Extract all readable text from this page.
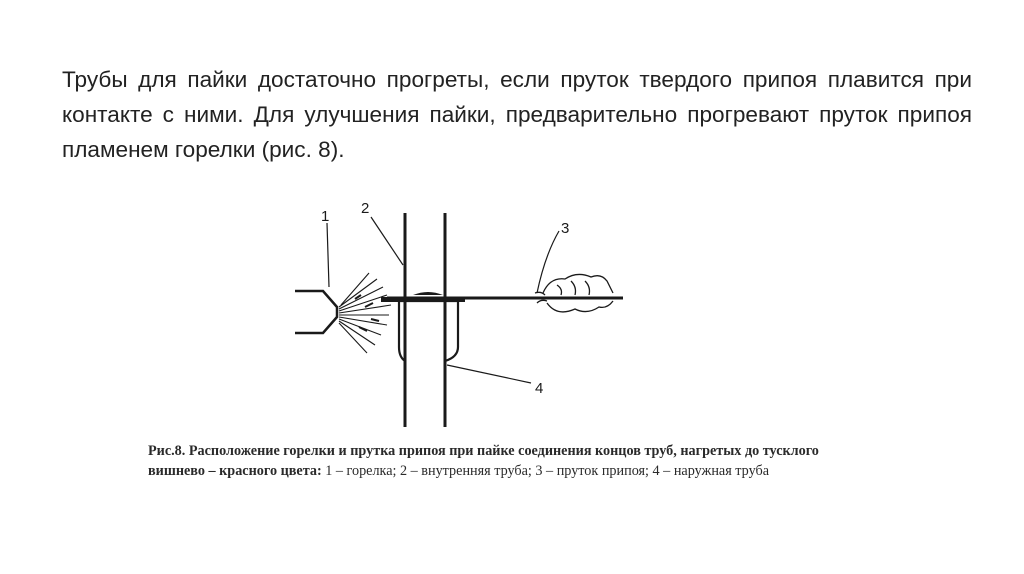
Трубы для пайки достаточно прогреты, если пруток твердого припоя плавится при контакте с ними. Для улучшения пайки, предварительно прогревают пруток припоя пламенем горелки (рис. 8).

1 2
3
4
Рис.8. Расположение горелки и прутка припоя при пайке соединения концов труб, нагретых до тусклого вишнево – красного цвета: 1 – горелка; 2 – внутренняя труба; 3 – пруток припоя; 4 – наружная труба
